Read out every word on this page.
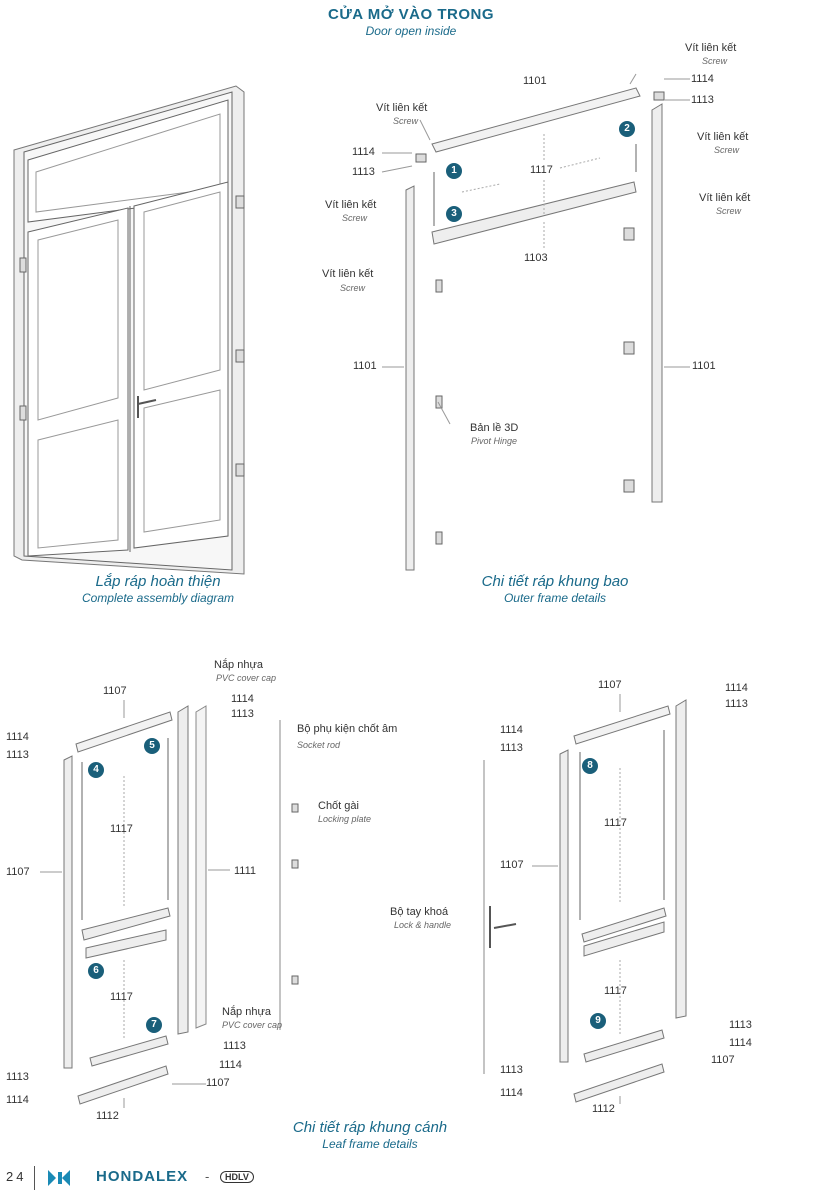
CỬA MỞ VÀO TRONG
Door open inside
1101
Vít liên kết
Screw
1114
1113
Vít liên kết
Screw
Vít liên kết
Screw
1114
1113	1117
Vít liên kết
Screw
Vít liên kết
Screw
1103
Vít liên kết
Screw
1101	1101
Bản lề 3D
Pivot Hinge
1
2
3
4
5
6
7
8
9
Lắp ráp hoàn thiện
Complete assembly diagram
Chi tiết ráp khung bao
Outer frame details
Chi tiết ráp khung cánh
Leaf frame details
Nắp nhựa
PVC cover cap
1107
1114
1113
Bộ phụ kiện chốt âm
Socket rod
1114
1113
Chốt gài
Locking plate
1117
1107	1111
1117
Nắp nhựa
PVC cover cap
1113
1114
1113	1107
1114
1112
1107	1114
1113
1114
1113
1117
1107
Bộ tay khoá
Lock & handle
1117
1113
1114
1107
1113
1114
1112
24	HONDALEX -	HDLV
